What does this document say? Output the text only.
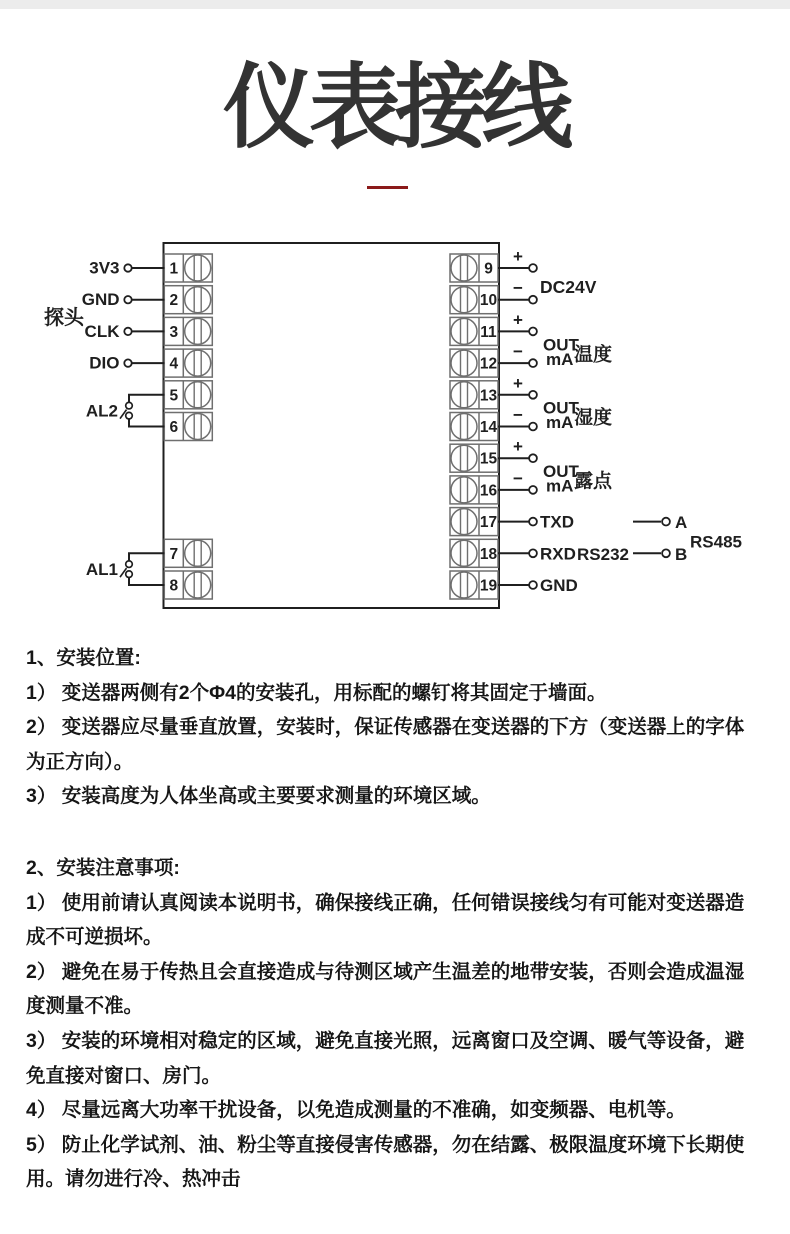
仪表接线
1
3V3
2
GND
3
CLK
4
DIO
5
6
7
8
AL2
AL1
探头
9
+
10
−
11
+
12
−
13
+
14
−
15
+
16
−
17	TXD
18	RXD RS232
19	GND
DC24V
OUT
mA 温度
OUT
mA 湿度
OUT
mA 露点
A
B
RS485

1、安装位置:

1） 变送器两侧有2个Φ4的安装孔，用标配的螺钉将其固定于墙面。

2） 变送器应尽量垂直放置，安装时，保证传感器在变送器的下方（变送器上的字体

为正方向）。

3） 安装高度为人体坐高或主要要求测量的环境区域。

2、安装注意事项:

1） 使用前请认真阅读本说明书，确保接线正确，任何错误接线匀有可能对变送器造

成不可逆损坏。

2） 避免在易于传热且会直接造成与待测区域产生温差的地带安装，否则会造成温湿

度测量不准。

3） 安装的环境相对稳定的区域，避免直接光照，远离窗口及空调、暖气等设备，避

免直接对窗口、房门。

4） 尽量远离大功率干扰设备，以免造成测量的不准确，如变频器、电机等。

5） 防止化学试剂、油、粉尘等直接侵害传感器，勿在结露、极限温度环境下长期使

用。请勿进行冷、热冲击
